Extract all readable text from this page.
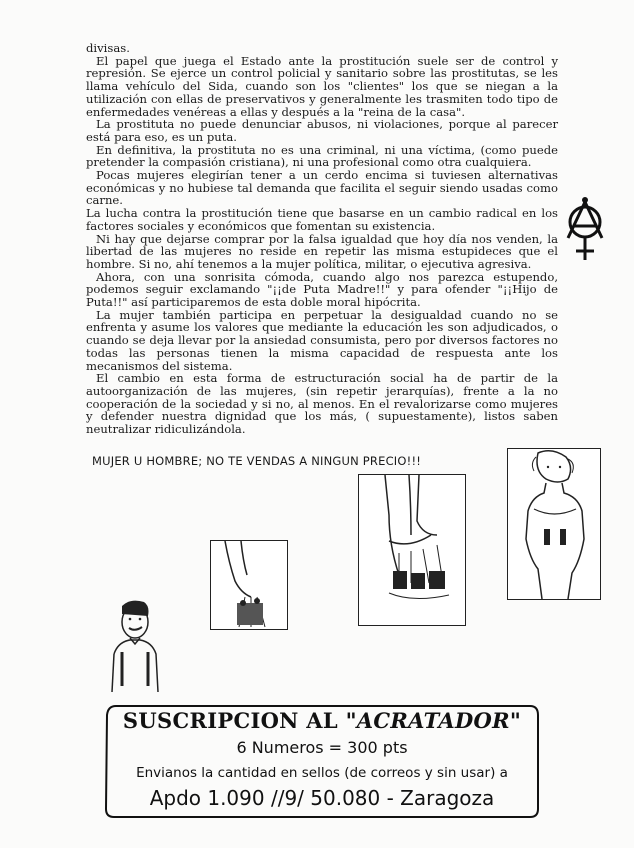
divisas.

El papel que juega el Estado ante la prostitución suele ser de control y represión. Se ejerce un control policial y sanitario sobre las prostitutas, se les llama vehículo del Sida, cuando son los "clientes" los que se niegan a la utilización con ellas de preservativos y generalmente les trasmiten todo tipo de enfermedades venéreas a ellas y después a la "reina de la casa".

La prostituta no puede denunciar abusos, ni violaciones, porque al parecer está para eso, es un puta.

En definitiva, la prostituta no es una criminal, ni una víctima, (como puede pretender la compasión cristiana), ni una profesional como otra cualquiera.

Pocas mujeres elegirían tener a un cerdo encima si tuviesen alternativas económicas y no hubiese tal demanda que facilita el seguir siendo usadas como carne.

La lucha contra la prostitución tiene que basarse en un cambio radical en los factores sociales y económicos que fomentan su existencia.

Ni hay que dejarse comprar por la falsa igualdad que hoy día nos venden, la libertad de las mujeres no reside en repetir las misma estupideces que el hombre. Si no, ahí tenemos a la mujer política, militar, o ejecutiva agresiva.

Ahora, con una sonrisita cómoda, cuando algo nos parezca estupendo, podemos seguir exclamando "¡¡de Puta Madre!!" y para ofender "¡¡Hijo de Puta!!" así participaremos de esta doble moral hipócrita.

La mujer también participa en perpetuar la desigualdad cuando no se enfrenta y asume los valores que mediante la educación les son adjudicados, o cuando se deja llevar por la ansiedad consumista, pero por diversos factores no todas las personas tienen la misma capacidad de respuesta ante los mecanismos del sistema.

El cambio en esta forma de estructuración social ha de partir de la autoorganización de las mujeres, (sin repetir jerarquías), frente a la no cooperación de la sociedad y si no, al menos. En el revalorizarse como mujeres y defender nuestra dignidad que los más, ( supuestamente), listos saben neutralizar ridiculizándola.

MUJER U HOMBRE; NO TE VENDAS A NINGUN PRECIO!!!
SUSCRIPCION AL "ACRATADOR"
6 Numeros = 300 pts
Envianos la cantidad en sellos (de correos y sin usar) a
Apdo 1.090 //9/ 50.080 - Zaragoza
